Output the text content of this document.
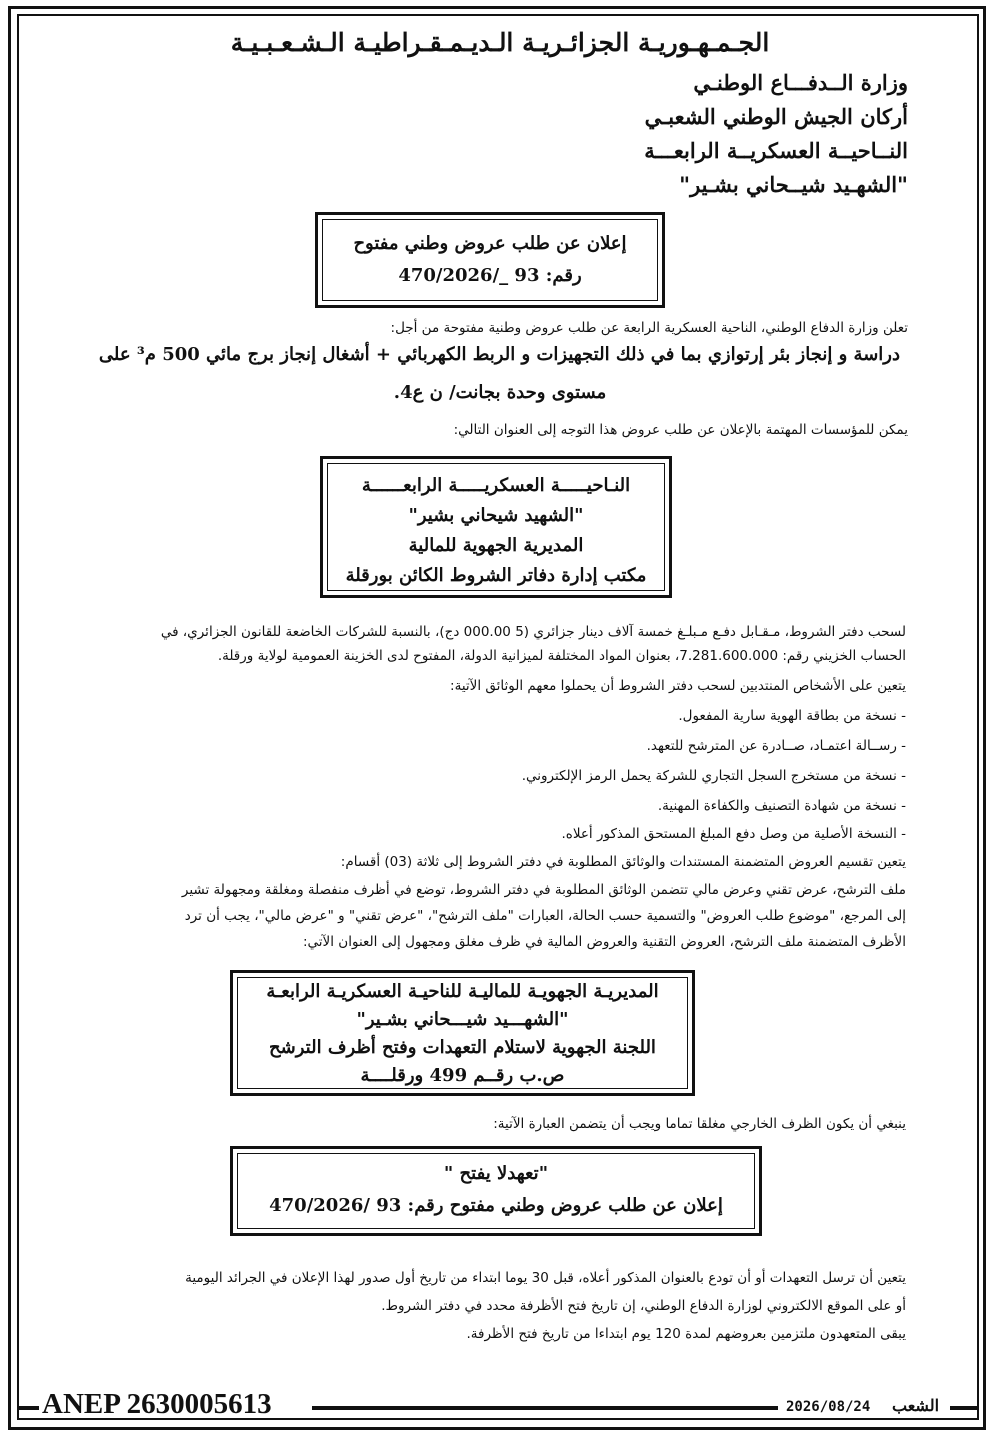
الجـمـهـوريـة الجزائـريـة الـديـمـقـراطيـة الـشـعـبـيـة
وزارة الــدفـــاع الوطنـي
أركان الجيش الوطني الشعبـي
النــاحيــة العسكريــة الرابعـــة
"الشهـيد شيــحاني بشـير"
إعلان عن طلب عروض وطني مفتوح
رقم: 93 _/470/2026
تعلن وزارة الدفاع الوطني، الناحية العسكرية الرابعة عن طلب عروض وطنية مفتوحة من أجل:
دراسة و إنجاز بئر إرتوازي بما في ذلك التجهيزات و الربط الكهربائي + أشغال إنجاز برج مائي 500 م³ على
مستوى وحدة بجانت/ ن ع4.
يمكن للمؤسسات المهتمة بالإعلان عن طلب عروض هذا التوجه إلى العنوان التالي:
النـاحيـــــة العسكريـــــة الرابعــــــة
"الشهيد شيحاني بشير"
المديرية الجهوية للمالية
مكتب إدارة دفاتر الشروط الكائن بورقلة
لسحب دفتر الشروط، مـقـابل دفـع مـبلـغ خمسة آلاف دينار جزائري (5 000.00 دج)، بالنسبة للشركات الخاضعة للقانون الجزائري، في
الحساب الخزيني رقم: 7.281.600.000، بعنوان المواد المختلفة لميزانية الدولة، المفتوح لدى الخزينة العمومية لولاية ورقلة.
يتعين على الأشخاص المنتدبين لسحب دفتر الشروط أن يحملوا معهم الوثائق الآتية:
- نسخة من بطاقة الهوية سارية المفعول.
- رســالة اعتمـاد، صــادرة عن المترشح للتعهد.
- نسخة من مستخرج السجل التجاري للشركة يحمل الرمز الإلكتروني.
- نسخة من شهادة التصنيف والكفاءة المهنية.
- النسخة الأصلية من وصل دفع المبلغ المستحق المذكور أعلاه.
يتعين تقسيم العروض المتضمنة المستندات والوثائق المطلوبة في دفتر الشروط إلى ثلاثة (03) أقسام:
ملف الترشح، عرض تقني وعرض مالي تتضمن الوثائق المطلوبة في دفتر الشروط، توضع في أظرف منفصلة ومغلقة ومجهولة تشير
إلى المرجع، "موضوع طلب العروض" والتسمية حسب الحالة، العبارات "ملف الترشح"، "عرض تقني" و "عرض مالي"، يجب أن ترد
الأظرف المتضمنة ملف الترشح، العروض التقنية والعروض المالية في ظرف مغلق ومجهول إلى العنوان الآتي:
المديريـة الجهويـة للماليـة للناحيـة العسكريـة الرابعـة
"الشهـــيد شيـــحاني بشـير"
اللجنة الجهوية لاستلام التعهدات وفتح أظرف الترشح
ص.ب رقــم 499 ورقلــــة
ينبغي أن يكون الظرف الخارجي مغلقا تماما ويجب أن يتضمن العبارة الآتية:
"تعهدلا يفتح "
إعلان عن طلب عروض وطني مفتوح رقم: 93 /470/2026
يتعين أن ترسل التعهدات أو أن تودع بالعنوان المذكور أعلاه، قبل 30 يوما ابتداء من تاريخ أول صدور لهذا الإعلان في الجرائد اليومية
أو على الموقع الالكتروني لوزارة الدفاع الوطني، إن تاريخ فتح الأظرفة محدد في دفتر الشروط.
يبقى المتعهدون ملتزمين بعروضهم لمدة 120 يوم ابتداءا من تاريخ فتح الأظرفة.
ANEP 2630005613	2026/08/24 الشعب
